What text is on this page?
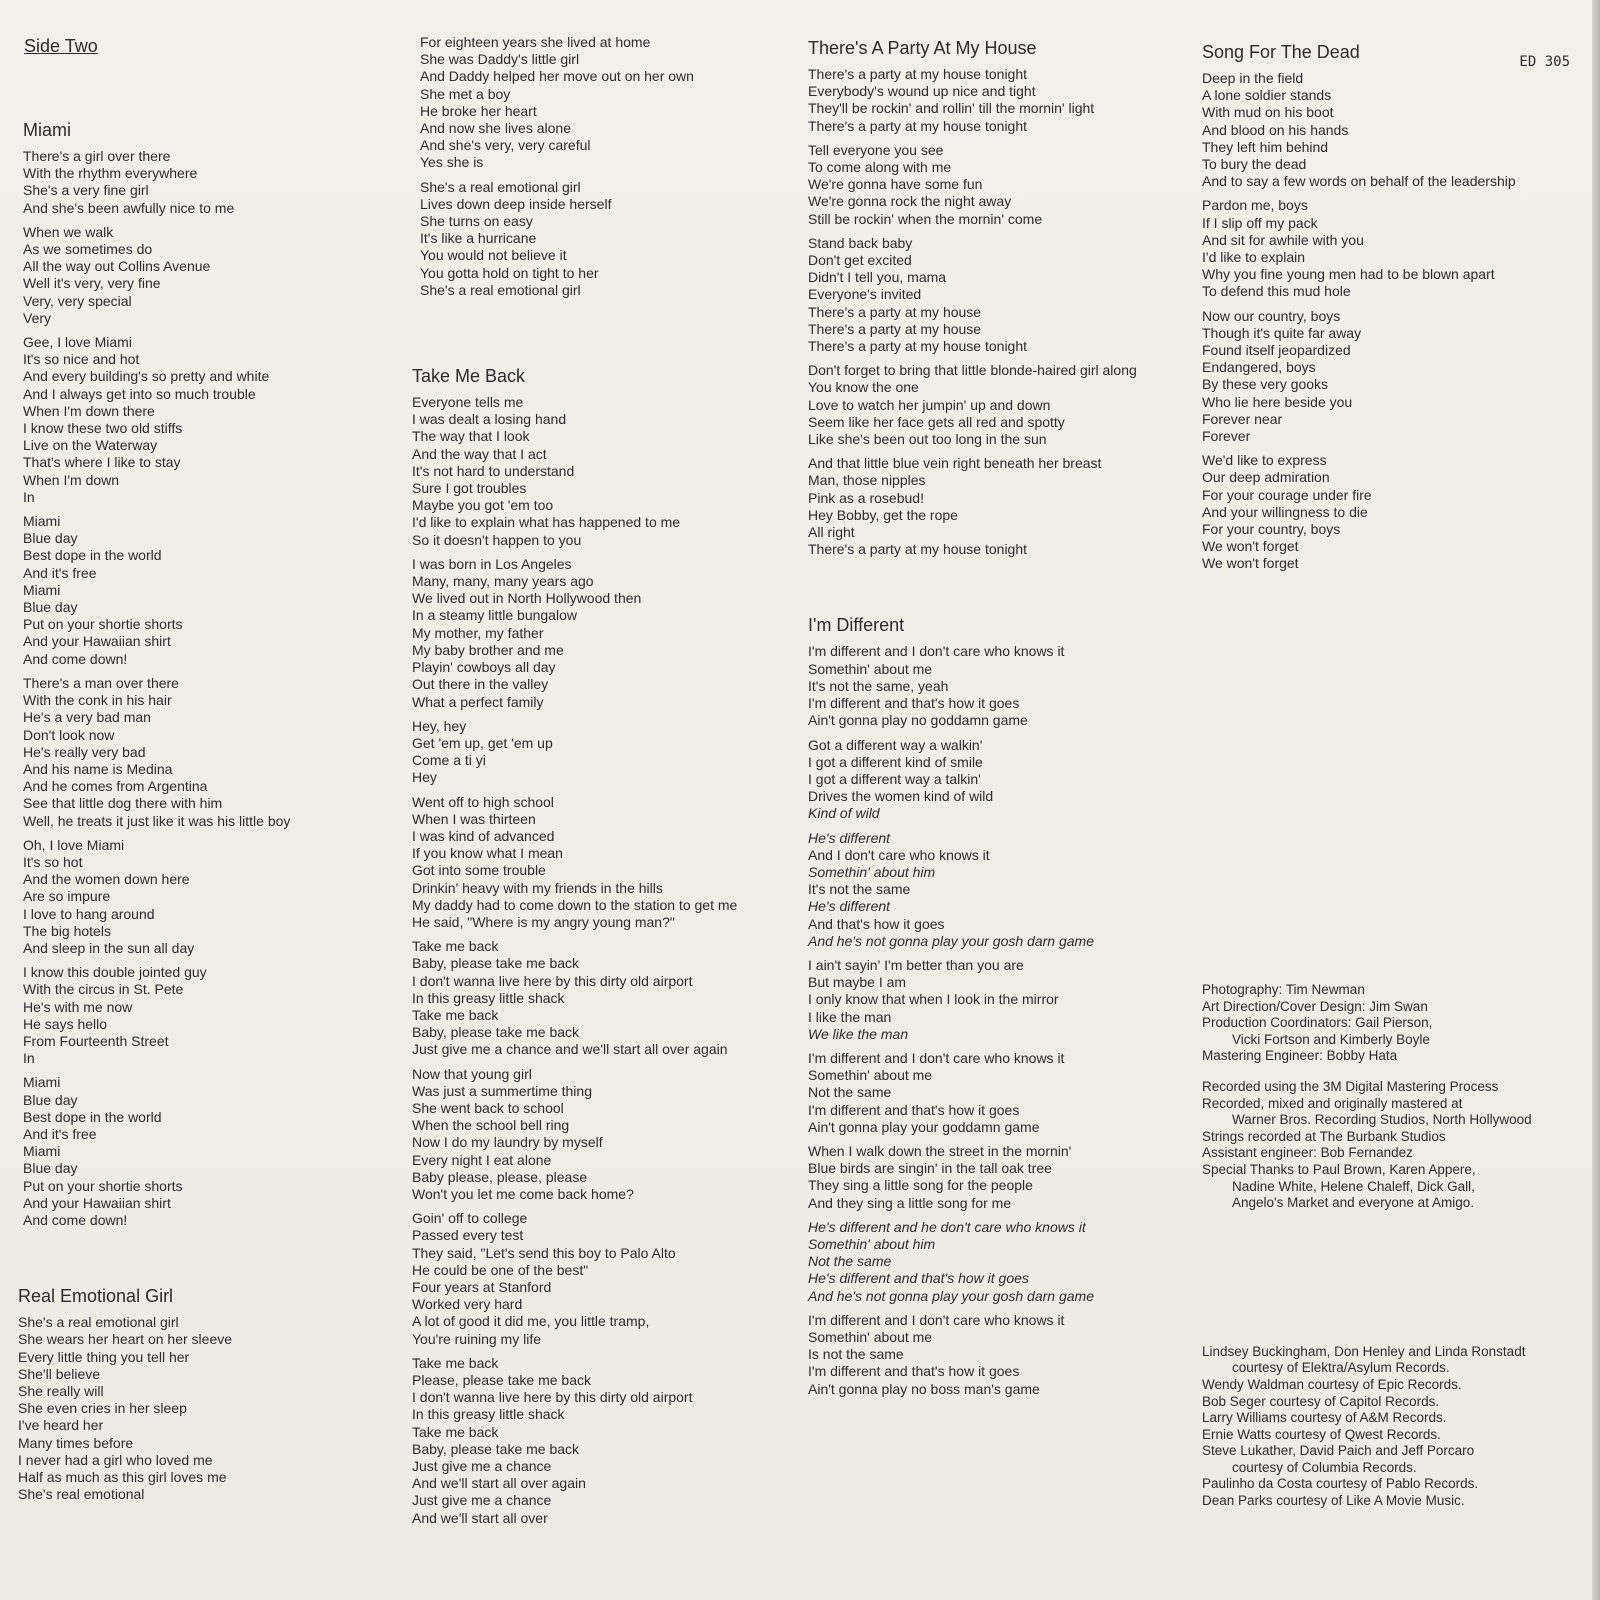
ED 305
Side Two
Miami
There's a girl over there
With the rhythm everywhere
She's a very fine girl
And she's been awfully nice to me
When we walk
As we sometimes do
All the way out Collins Avenue
Well it's very, very fine
Very, very special
Very
Gee, I love Miami
It's so nice and hot
And every building's so pretty and white
And I always get into so much trouble
When I'm down there
I know these two old stiffs
Live on the Waterway
That's where I like to stay
When I'm down
In
Miami
Blue day
Best dope in the world
And it's free
Miami
Blue day
Put on your shortie shorts
And your Hawaiian shirt
And come down!
There's a man over there
With the conk in his hair
He's a very bad man
Don't look now
He's really very bad
And his name is Medina
And he comes from Argentina
See that little dog there with him
Well, he treats it just like it was his little boy
Oh, I love Miami
It's so hot
And the women down here
Are so impure
I love to hang around
The big hotels
And sleep in the sun all day
I know this double jointed guy
With the circus in St. Pete
He's with me now
He says hello
From Fourteenth Street
In
Miami
Blue day
Best dope in the world
And it's free
Miami
Blue day
Put on your shortie shorts
And your Hawaiian shirt
And come down!
Real Emotional Girl
She's a real emotional girl
She wears her heart on her sleeve
Every little thing you tell her
She'll believe
She really will
She even cries in her sleep
I've heard her
Many times before
I never had a girl who loved me
Half as much as this girl loves me
She's real emotional
For eighteen years she lived at home
She was Daddy's little girl
And Daddy helped her move out on her own
She met a boy
He broke her heart
And now she lives alone
And she's very, very careful
Yes she is
She's a real emotional girl
Lives down deep inside herself
She turns on easy
It's like a hurricane
You would not believe it
You gotta hold on tight to her
She's a real emotional girl
Take Me Back
Everyone tells me
I was dealt a losing hand
The way that I look
And the way that I act
It's not hard to understand
Sure I got troubles
Maybe you got 'em too
I'd like to explain what has happened to me
So it doesn't happen to you
I was born in Los Angeles
Many, many, many years ago
We lived out in North Hollywood then
In a steamy little bungalow
My mother, my father
My baby brother and me
Playin' cowboys all day
Out there in the valley
What a perfect family
Hey, hey
Get 'em up, get 'em up
Come a ti yi
Hey
Went off to high school
When I was thirteen
I was kind of advanced
If you know what I mean
Got into some trouble
Drinkin' heavy with my friends in the hills
My daddy had to come down to the station to get me
He said, "Where is my angry young man?"
Take me back
Baby, please take me back
I don't wanna live here by this dirty old airport
In this greasy little shack
Take me back
Baby, please take me back
Just give me a chance and we'll start all over again
Now that young girl
Was just a summertime thing
She went back to school
When the school bell ring
Now I do my laundry by myself
Every night I eat alone
Baby please, please, please
Won't you let me come back home?
Goin' off to college
Passed every test
They said, "Let's send this boy to Palo Alto
He could be one of the best"
Four years at Stanford
Worked very hard
A lot of good it did me, you little tramp,
You're ruining my life
Take me back
Please, please take me back
I don't wanna live here by this dirty old airport
In this greasy little shack
Take me back
Baby, please take me back
Just give me a chance
And we'll start all over again
Just give me a chance
And we'll start all over
There's A Party At My House
There's a party at my house tonight
Everybody's wound up nice and tight
They'll be rockin' and rollin' till the mornin' light
There's a party at my house tonight
Tell everyone you see
To come along with me
We're gonna have some fun
We're gonna rock the night away
Still be rockin' when the mornin' come
Stand back baby
Don't get excited
Didn't I tell you, mama
Everyone's invited
There's a party at my house
There's a party at my house
There's a party at my house tonight
Don't forget to bring that little blonde-haired girl along
You know the one
Love to watch her jumpin' up and down
Seem like her face gets all red and spotty
Like she's been out too long in the sun
And that little blue vein right beneath her breast
Man, those nipples
Pink as a rosebud!
Hey Bobby, get the rope
All right
There's a party at my house tonight
I'm Different
I'm different and I don't care who knows it
Somethin' about me
It's not the same, yeah
I'm different and that's how it goes
Ain't gonna play no goddamn game
Got a different way a walkin'
I got a different kind of smile
I got a different way a talkin'
Drives the women kind of wild
Kind of wild
He's different
And I don't care who knows it
Somethin' about him
It's not the same
He's different
And that's how it goes
And he's not gonna play your gosh darn game
I ain't sayin' I'm better than you are
But maybe I am
I only know that when I look in the mirror
I like the man
We like the man
I'm different and I don't care who knows it
Somethin' about me
Not the same
I'm different and that's how it goes
Ain't gonna play your goddamn game
When I walk down the street in the mornin'
Blue birds are singin' in the tall oak tree
They sing a little song for the people
And they sing a little song for me
He's different and he don't care who knows it
Somethin' about him
Not the same
He's different and that's how it goes
And he's not gonna play your gosh darn game
I'm different and I don't care who knows it
Somethin' about me
Is not the same
I'm different and that's how it goes
Ain't gonna play no boss man's game
Song For The Dead
Deep in the field
A lone soldier stands
With mud on his boot
And blood on his hands
They left him behind
To bury the dead
And to say a few words on behalf of the leadership
Pardon me, boys
If I slip off my pack
And sit for awhile with you
I'd like to explain
Why you fine young men had to be blown apart
To defend this mud hole
Now our country, boys
Though it's quite far away
Found itself jeopardized
Endangered, boys
By these very gooks
Who lie here beside you
Forever near
Forever
We'd like to express
Our deep admiration
For your courage under fire
And your willingness to die
For your country, boys
We won't forget
We won't forget
Photography: Tim Newman
Art Direction/Cover Design: Jim Swan
Production Coordinators: Gail Pierson,
Vicki Fortson and Kimberly Boyle
Mastering Engineer: Bobby Hata
Recorded using the 3M Digital Mastering Process
Recorded, mixed and originally mastered at
Warner Bros. Recording Studios, North Hollywood
Strings recorded at The Burbank Studios
Assistant engineer: Bob Fernandez
Special Thanks to Paul Brown, Karen Appere,
Nadine White, Helene Chaleff, Dick Gall,
Angelo's Market and everyone at Amigo.
Lindsey Buckingham, Don Henley and Linda Ronstadt
courtesy of Elektra/Asylum Records.
Wendy Waldman courtesy of Epic Records.
Bob Seger courtesy of Capitol Records.
Larry Williams courtesy of A&M Records.
Ernie Watts courtesy of Qwest Records.
Steve Lukather, David Paich and Jeff Porcaro
courtesy of Columbia Records.
Paulinho da Costa courtesy of Pablo Records.
Dean Parks courtesy of Like A Movie Music.
